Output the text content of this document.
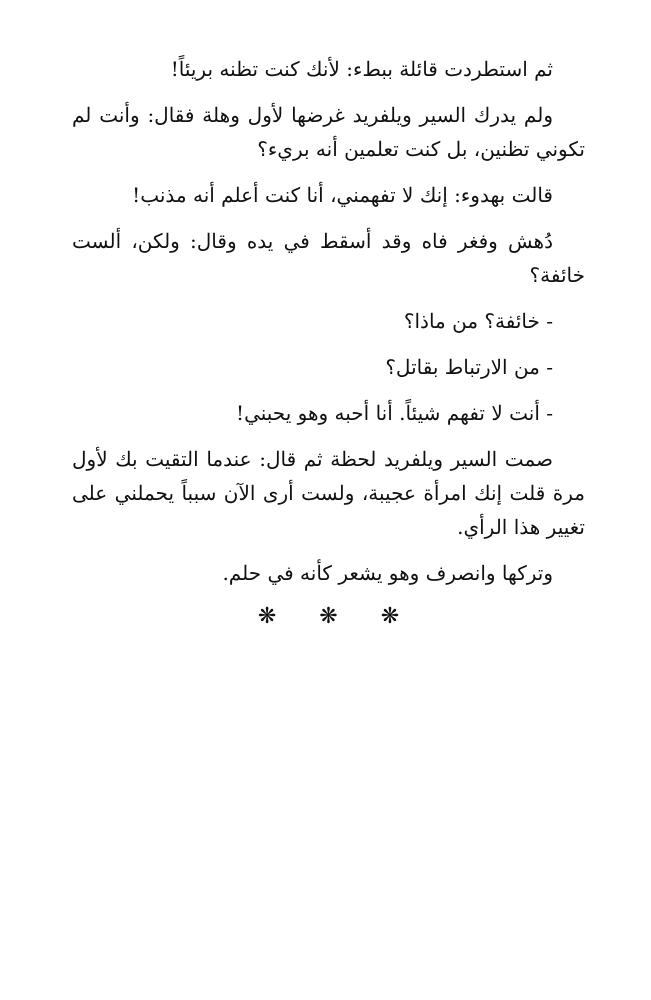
ثم استطردت قائلة ببطء: لأنك كنت تظنه بريئاً!

ولم يدرك السير ويلفريد غرضها لأول وهلة فقال: وأنت لم تكوني تظنين، بل كنت تعلمين أنه بريء؟

قالت بهدوء: إنك لا تفهمني، أنا كنت أعلم أنه مذنب!

دُهش وفغر فاه وقد أسقط في يده وقال: ولكن، ألست خائفة؟

- خائفة؟ من ماذا؟

- من الارتباط بقاتل؟

- أنت لا تفهم شيئاً. أنا أحبه وهو يحبني!

صمت السير ويلفريد لحظة ثم قال: عندما التقيت بك لأول مرة قلت إنك امرأة عجيبة، ولست أرى الآن سبباً يحملني على تغيير هذا الرأي.

وتركها وانصرف وهو يشعر كأنه في حلم.

❋ ❋ ❋
